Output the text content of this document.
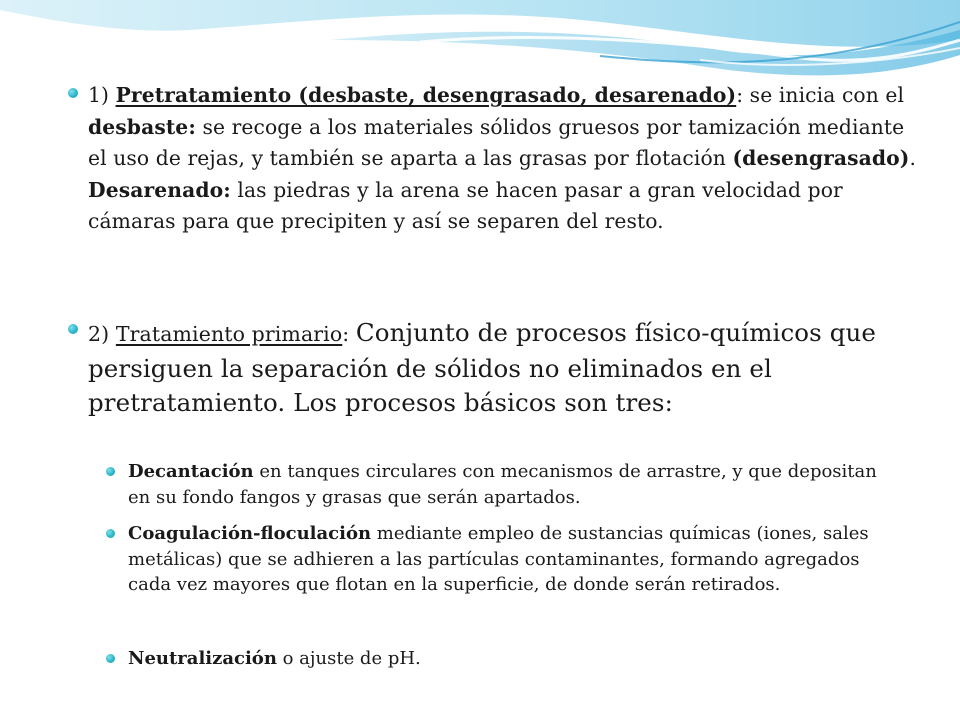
1) Pretratamiento (desbaste, desengrasado, desarenado): se inicia con el desbaste: se recoge a los materiales sólidos gruesos por tamización mediante el uso de rejas, y también se aparta a las grasas por flotación (desengrasado). Desarenado: las piedras y la arena se hacen pasar a gran velocidad por cámaras para que precipiten y así se separen del resto.

2) Tratamiento primario: Conjunto de procesos físico-químicos que persiguen la separación de sólidos no eliminados en el pretratamiento. Los procesos básicos son tres:

Decantación en tanques circulares con mecanismos de arrastre, y que depositan en su fondo fangos y grasas que serán apartados.

Coagulación-floculación mediante empleo de sustancias químicas (iones, sales metálicas) que se adhieren a las partículas contaminantes, formando agregados cada vez mayores que flotan en la superficie, de donde serán retirados.

Neutralización o ajuste de pH.
